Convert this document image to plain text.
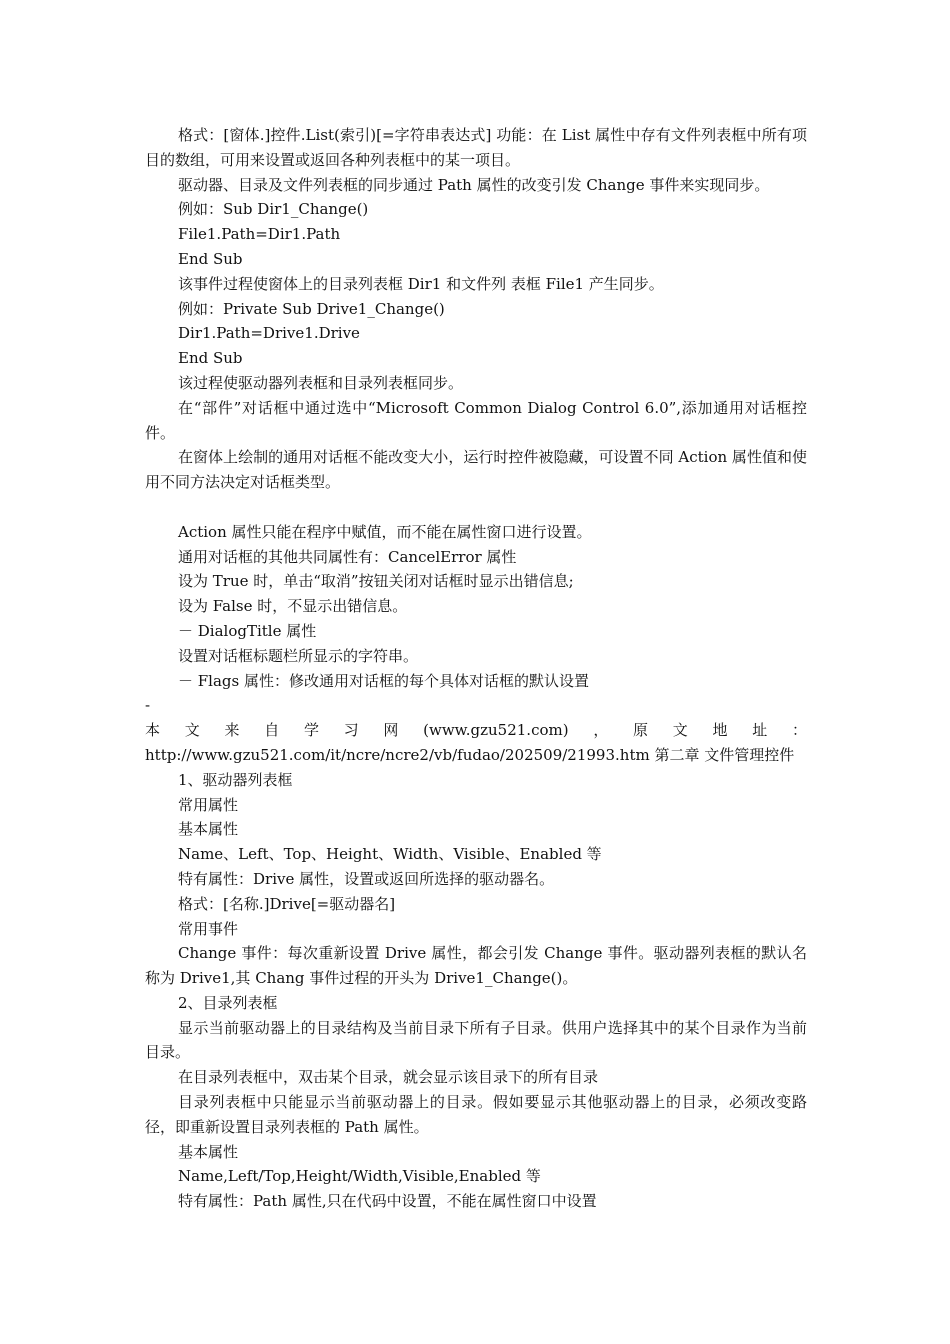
格式：[窗体.]控件.List(索引)[=字符串表达式] 功能：在 List 属性中存有文件列表框中所有项目的数组，可用来设置或返回各种列表框中的某一项目。

驱动器、目录及文件列表框的同步通过 Path 属性的改变引发 Change 事件来实现同步。

例如：Sub Dir1_Change()

File1.Path=Dir1.Path

End Sub

该事件过程使窗体上的目录列表框 Dir1 和文件列 表框 File1 产生同步。

例如：Private Sub Drive1_Change()

Dir1.Path=Drive1.Drive

End Sub

该过程使驱动器列表框和目录列表框同步。

在“部件”对话框中通过选中“Microsoft Common Dialog Control 6.0”,添加通用对话框控件。

在窗体上绘制的通用对话框不能改变大小，运行时控件被隐藏，可设置不同 Action 属性值和使用不同方法决定对话框类型。

Action 属性只能在程序中赋值，而不能在属性窗口进行设置。

通用对话框的其他共同属性有：CancelError 属性

设为 True 时，单击“取消”按钮关闭对话框时显示出错信息;

设为 False 时，不显示出错信息。

－ DialogTitle 属性

设置对话框标题栏所显示的字符串。

－ Flags 属性：修改通用对话框的每个具体对话框的默认设置

-

本文来自学习网(www.gzu521.com)，原文地址：http://www.gzu521.com/it/ncre/ncre2/vb/fudao/202509/21993.htm 第二章 文件管理控件

1、驱动器列表框

常用属性

基本属性

Name、Left、Top、Height、Width、Visible、Enabled 等

特有属性：Drive 属性，设置或返回所选择的驱动器名。

格式：[名称.]Drive[=驱动器名]

常用事件

Change 事件：每次重新设置 Drive 属性，都会引发 Change 事件。驱动器列表框的默认名称为 Drive1,其 Chang 事件过程的开头为 Drive1_Change()。

2、目录列表框

显示当前驱动器上的目录结构及当前目录下所有子目录。供用户选择其中的某个目录作为当前目录。

在目录列表框中，双击某个目录，就会显示该目录下的所有目录

目录列表框中只能显示当前驱动器上的目录。假如要显示其他驱动器上的目录，必须改变路径，即重新设置目录列表框的 Path 属性。

基本属性

Name,Left/Top,Height/Width,Visible,Enabled 等

特有属性：Path 属性,只在代码中设置，不能在属性窗口中设置
